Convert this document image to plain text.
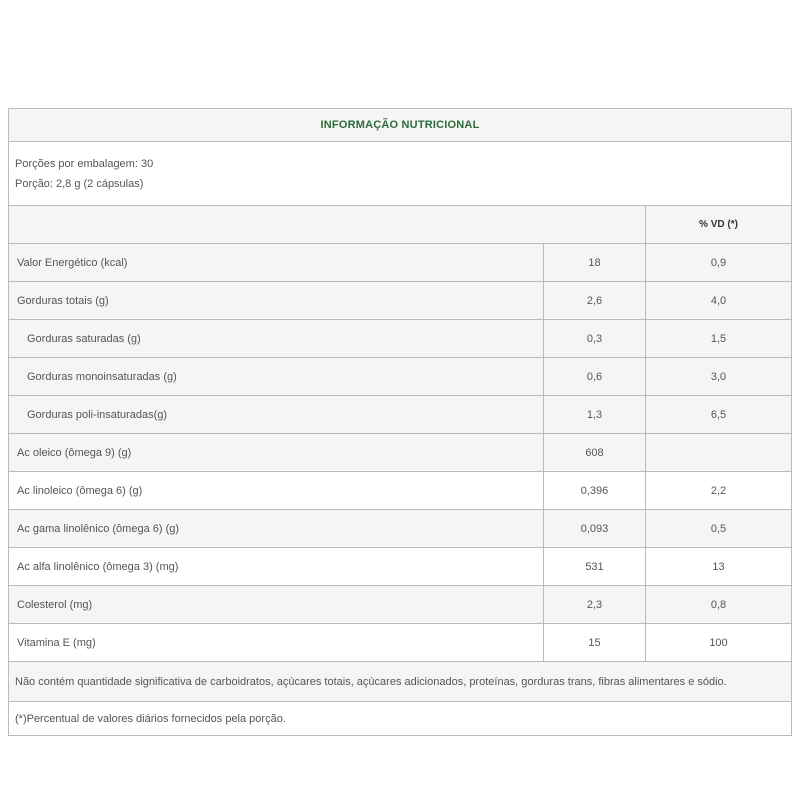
INFORMAÇÃO NUTRICIONAL
Porções por embalagem: 30
Porção: 2,8 g (2 cápsulas)
% VD (*)
Valor Energético (kcal)	18	0,9
Gorduras totais (g)	2,6	4,0
Gorduras saturadas (g)	0,3	1,5
Gorduras monoinsaturadas (g)	0,6	3,0
Gorduras poli-insaturadas(g)	1,3	6,5
Ac oleico (ômega 9) (g)	608
Ac linoleico (ômega 6) (g)	0,396	2,2
Ac gama linolênico (ômega 6) (g)	0,093	0,5
Ac alfa linolênico (ômega 3) (mg)	531	13
Colesterol (mg)	2,3	0,8
Vitamina E (mg)	15	100
Não contém quantidade significativa de carboidratos, açúcares totais, açúcares adicionados, proteínas, gorduras trans, fibras alimentares e sódio.
(*)Percentual de valores diários fornecidos pela porção.
